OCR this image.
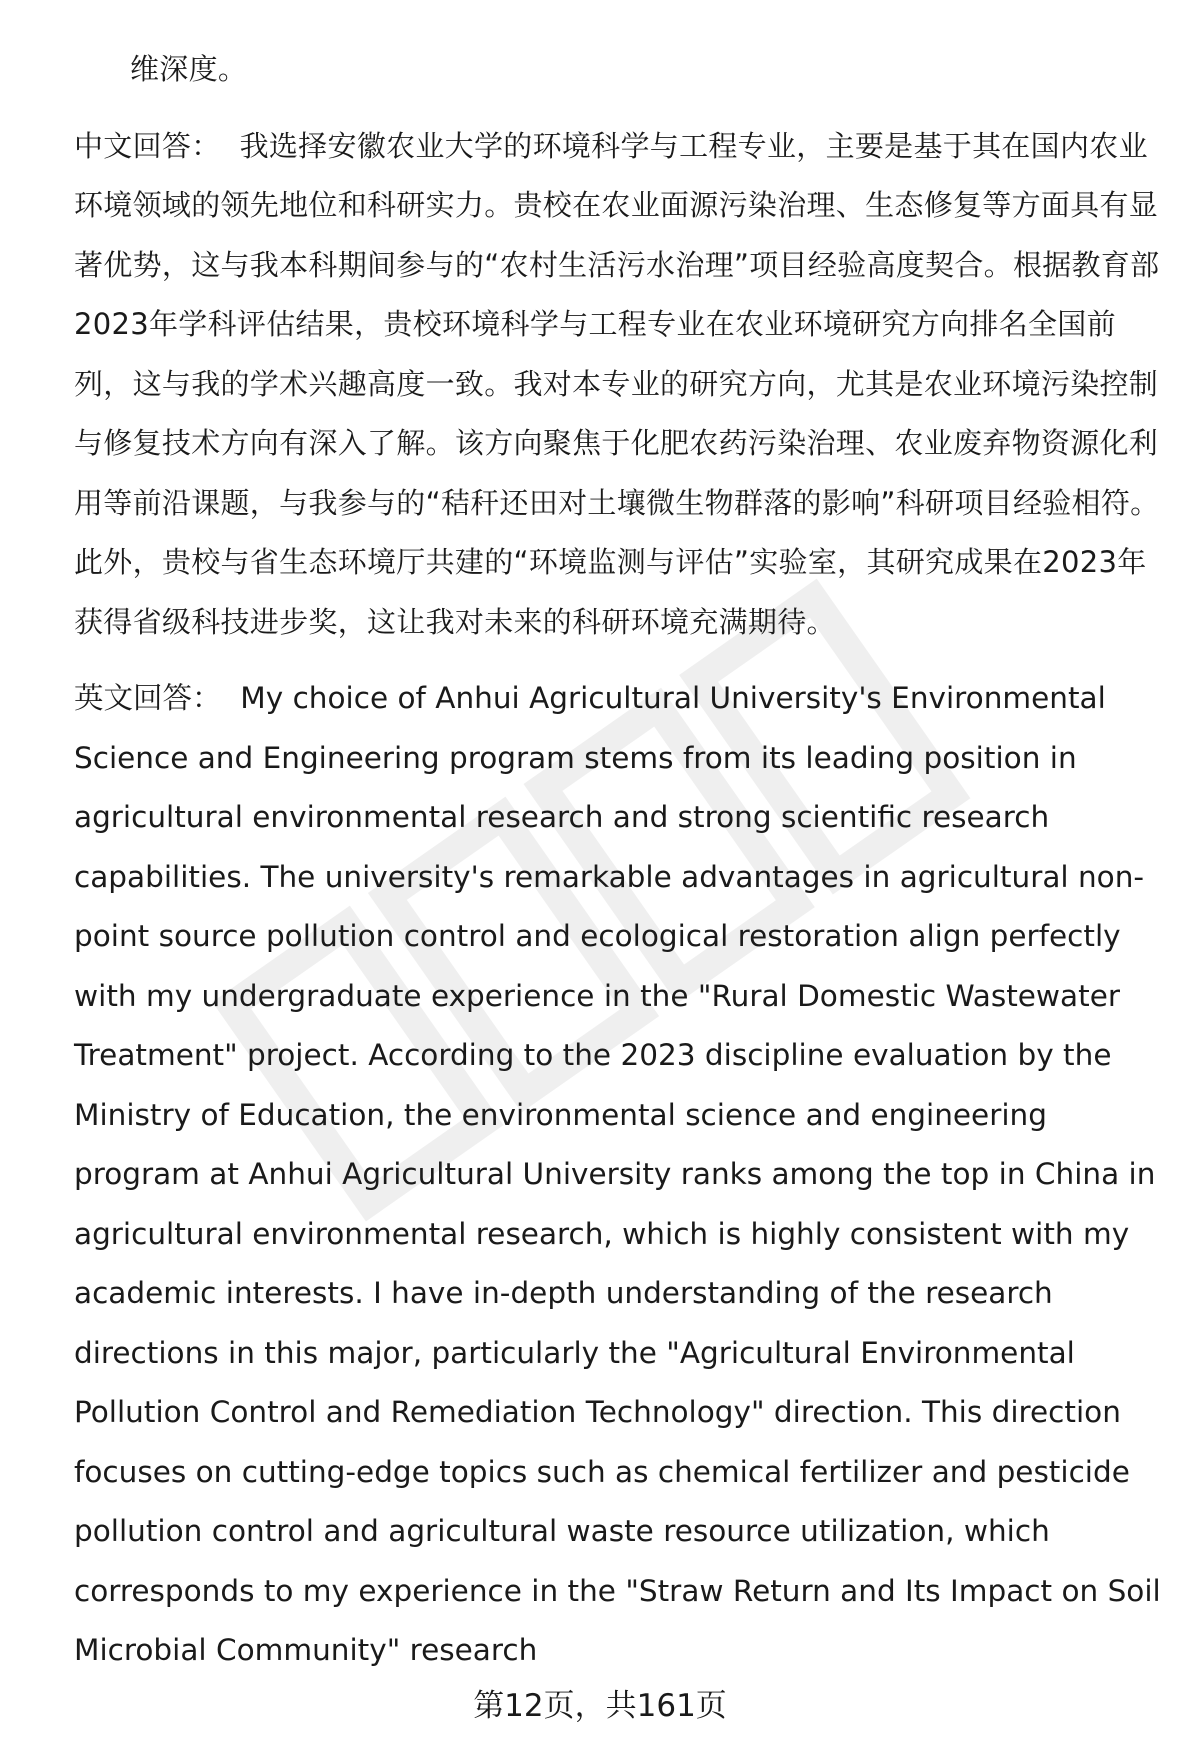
维深度。

中文回答： 我选择安徽农业大学的环境科学与工程专业，主要是基于其在国内农业环境领域的领先地位和科研实力。贵校在农业面源污染治理、生态修复等方面具有显著优势，这与我本科期间参与的“农村生活污水治理”项目经验高度契合。根据教育部2023年学科评估结果，贵校环境科学与工程专业在农业环境研究方向排名全国前列，这与我的学术兴趣高度一致。我对本专业的研究方向，尤其是农业环境污染控制与修复技术方向有深入了解。该方向聚焦于化肥农药污染治理、农业废弃物资源化利用等前沿课题，与我参与的“秸秆还田对土壤微生物群落的影响”科研项目经验相符。此外，贵校与省生态环境厅共建的“环境监测与评估”实验室，其研究成果在2023年获得省级科技进步奖，这让我对未来的科研环境充满期待。

英文回答： My choice of Anhui Agricultural University's Environmental Science and Engineering program stems from its leading position in agricultural environmental research and strong scientific research capabilities. The university's remarkable advantages in agricultural non-point source pollution control and ecological restoration align perfectly with my undergraduate experience in the "Rural Domestic Wastewater Treatment" project. According to the 2023 discipline evaluation by the Ministry of Education, the environmental science and engineering program at Anhui Agricultural University ranks among the top in China in agricultural environmental research, which is highly consistent with my academic interests. I have in-depth understanding of the research directions in this major, particularly the "Agricultural Environmental Pollution Control and Remediation Technology" direction. This direction focuses on cutting-edge topics such as chemical fertilizer and pesticide pollution control and agricultural waste resource utilization, which corresponds to my experience in the "Straw Return and Its Impact on Soil Microbial Community" research

第12页，共161页
